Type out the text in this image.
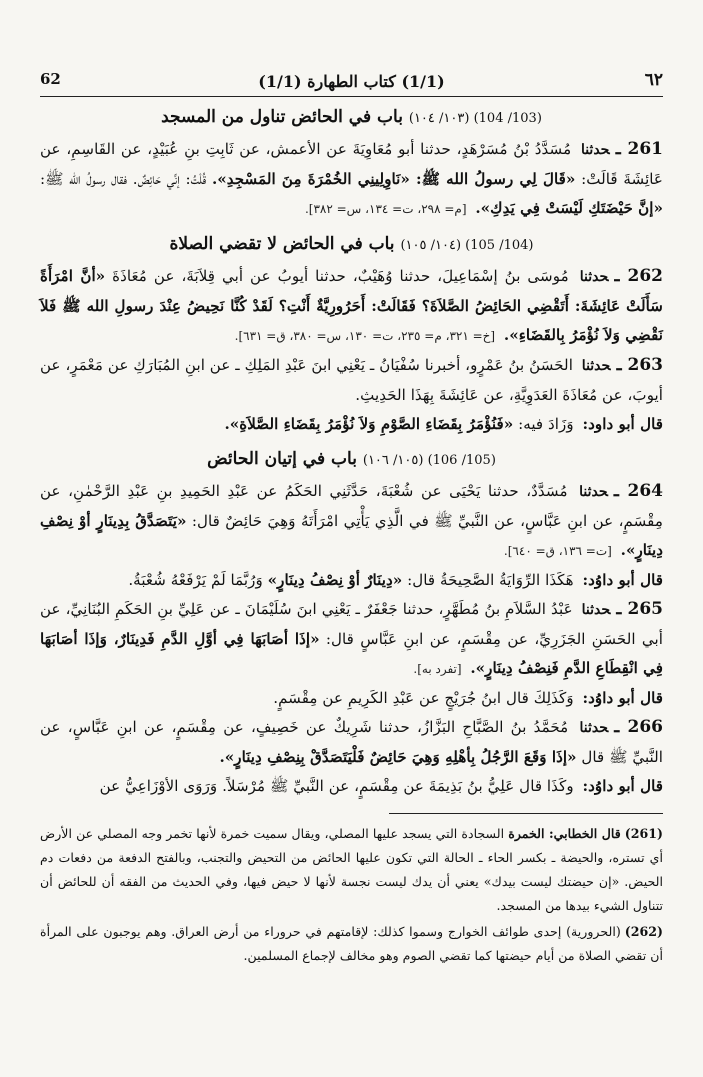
٦٢
(1/1) كتاب الطهارة (1/1)
62
(103/ 104) (١٠٣/ ١٠٤) باب في الحائض تناول من المسجد

261 ـحدثنا مُسَدَّدُ بْنُ مُسَرْهَدٍ، حدثنا أبو مُعَاوِيَةَ عن الأعمش، عن ثَابِتِ بنِ عُبَيْدٍ، عن القَاسِمِ، عن عَائِشَةَ قَالَتْ: «قَالَ لِي رسولُ الله ﷺ: «نَاوِلِينِي الخُمْرَةَ مِنَ المَسْجِدِ». قُلْتُ: إنِّي حَائِضٌ. فقال رسولُ الله ﷺ: «إنَّ حَيْضَتَكِ لَيْسَتْ فِي يَدِكِ». [م= ٢٩٨، ت= ١٣٤، س= ٣٨٢].

(104/ 105) (١٠٤/ ١٠٥) باب في الحائض لا تقضي الصلاة

262 ـحدثنا مُوسَى بنُ إسْمَاعِيلَ، حدثنا وُهَيْبٌ، حدثنا أيوبُ عن أبي قِلاَبَةَ، عن مُعَاذَةَ «أنَّ امْرَأَةً سَأَلَتْ عَائِشَةَ: أَتَقْضِي الحَائِضُ الصَّلاَةَ؟ فَقَالَتْ: أَحَرُورِيَّةٌ أَنْتِ؟ لَقَدْ كُنَّا نَحِيضُ عِنْدَ رسولِ الله ﷺ فَلاَ نَقْضِي وَلاَ نُؤْمَرُ بِالقَضَاءِ». [خ= ٣٢١، م= ٢٣٥، ت= ١٣٠، س= ٣٨٠، ق= ٦٣١].

263 ـحدثنا الحَسَنُ بنُ عَمْرٍو، أخبرنا سُفْيَانُ ـ يَعْنِي ابنَ عَبْدِ المَلِكِ ـ عن ابنِ المُبَارَكِ عن مَعْمَرٍ، عن أيوبَ، عن مُعَاذَةَ العَدَوِيَّةِ، عن عَائِشَةَ بِهَذَا الحَدِيثِ.

قال أبو داود: وَزَادَ فيه: «فَنُؤْمَرُ بِقَضَاءِ الصَّوْمِ وَلاَ نُؤْمَرُ بِقَضَاءِ الصَّلاَةِ».

(105/ 106) (١٠٥/ ١٠٦) باب في إتيان الحائض

264 ـحدثنا مُسَدَّدٌ، حدثنا يَحْيَى عن شُعْبَةَ، حَدَّثَنِي الحَكَمُ عن عَبْدِ الحَمِيدِ بنِ عَبْدِ الرَّحْمٰنِ، عن مِقْسَمٍ، عن ابنِ عَبَّاسٍ، عن النَّبيِّ ﷺ في الَّذِي يَأْتِي امْرَأَتَهُ وَهِيَ حَائِضٌ قال: «يَتَصَدَّقُ بِدِينَارٍ أوْ نِصْفِ دِينَارٍ». [ت= ١٣٦، ق= ٦٤٠].

قال أبو داوُد: هَكَذَا الرِّوَايَةُ الصَّحِيحَةُ قال: «دِينَارٌ أوْ نِصْفُ دِينَارٍ» وَرُبَّمَا لَمْ يَرْفَعْهُ شُعْبَةُ.

265 ـحدثنا عَبْدُ السَّلاَمِ بنُ مُطَهَّرٍ، حدثنا جَعْفَرٌ ـ يَعْنِي ابنَ سُلَيْمَانَ ـ عن عَلِيِّ بنِ الحَكَمِ البُنَانِيِّ، عن أبي الحَسَنِ الجَزَرِيِّ، عن مِقْسَمٍ، عن ابنِ عَبَّاسٍ قال: «إذَا أصَابَهَا فِي أوَّلِ الدَّمِ فَدِينَارٌ، وَإذَا أصَابَهَا فِي انْقِطَاعِ الدَّمِ فَنِصْفُ دِينَارٍ». [تفرد به].

قال أبو داوُد: وَكَذَلِكَ قال ابنُ جُرَيْجٍ عن عَبْدِ الكَرِيمِ عن مِقْسَمٍ.

266 ـحدثنا مُحَمَّدُ بنُ الصَّبَّاحِ البَزَّازُ، حدثنا شَرِيكٌ عن خَصِيفٍ، عن مِقْسَمٍ، عن ابنِ عَبَّاسٍ، عن النَّبيِّ ﷺ قال «إذَا وَقَعَ الرَّجُلُ بِأهْلِهِ وَهِيَ حَائِضٌ فَلْيَتَصَدَّقْ بِنِصْفِ دِينَارٍ».

قال أبو داوُد: وكَذَا قال عَلِيُّ بنُ بَذِيمَةَ عن مِقْسَمٍ، عن النَّبيِّ ﷺ مُرْسَلاً. وَرَوَى الأوْزَاعِيُّ عن

(261)قال الخطابي: الخمرة السجادة التي يسجد عليها المصلي، ويقال سميت خمرة لأنها تخمر وجه المصلي عن الأرض أي تستره، والحيضة ـ بكسر الحاء ـ الحالة التي تكون عليها الحائض من التحيض والتجنب، وبالفتح الدفعة من دفعات دم الحيض. «إن حيضتك ليست بيدك» يعني أن يدك ليست نجسة لأنها لا حيض فيها، وفي الحديث من الفقه أن للحائض أن تتناول الشيء بيدها من المسجد.

(262)(الحرورية) إحدى طوائف الخوارج وسموا كذلك: لإقامتهم في حروراء من أرض العراق. وهم يوجبون على المرأة أن تقضي الصلاة من أيام حيضتها كما تقضي الصوم وهو مخالف لإجماع المسلمين.
